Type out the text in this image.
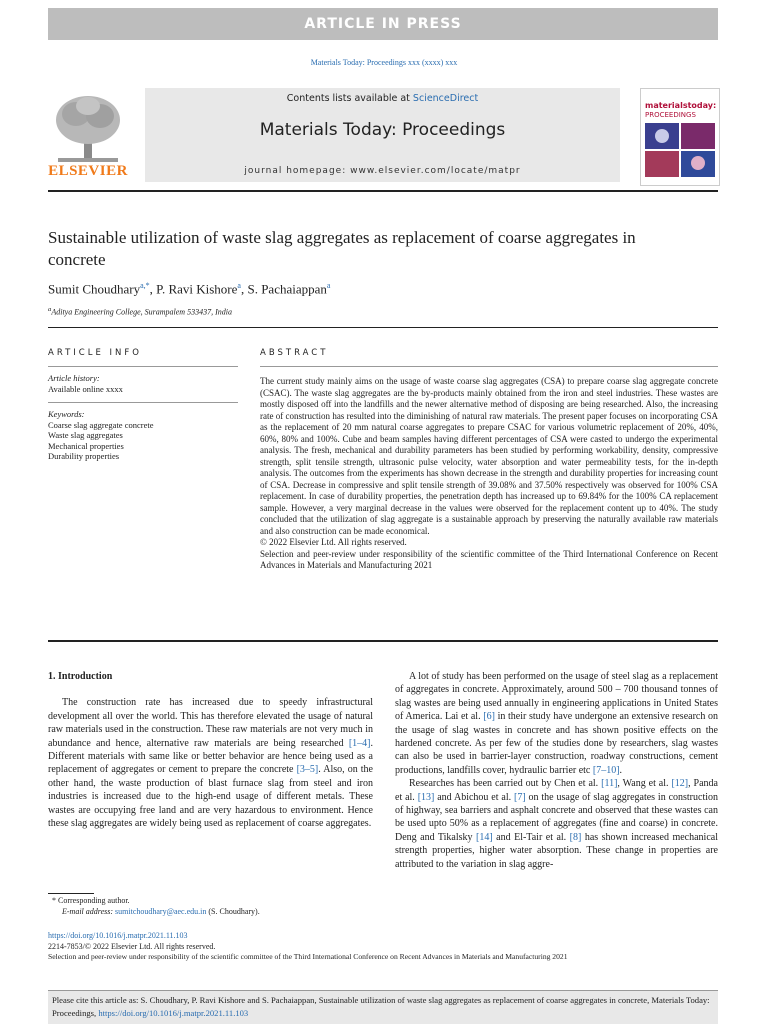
ARTICLE IN PRESS
Materials Today: Proceedings xxx (xxxx) xxx
ELSEVIER
Contents lists available at ScienceDirect
Materials Today: Proceedings
journal homepage: www.elsevier.com/locate/matpr
materialstoday:
PROCEEDINGS
Sustainable utilization of waste slag aggregates as replacement of coarse aggregates in concrete
Sumit Choudhary$^{a,*}$, P. Ravi Kishore$^a$, S. Pachaiappan$^a$
$^a$Aditya Engineering College, Surampalem 533437, India
ARTICLE INFO
Article history:
Available online xxxx
Keywords:
Coarse slag aggregate concrete
Waste slag aggregates
Mechanical properties
Durability properties
ABSTRACT
The current study mainly aims on the usage of waste coarse slag aggregates (CSA) to prepare coarse slag aggregate concrete (CSAC). The waste slag aggregates are the by-products mainly obtained from the iron and steel industries. These wastes are mostly disposed off into the landfills and the newer alternative method of disposing are being researched. Also, the increasing rate of construction has resulted into the diminishing of natural raw materials. The present paper focuses on incorporating CSA as the replacement of 20 mm natural coarse aggregates to prepare CSAC for various volumetric replacement of 20%, 40%, 60%, 80% and 100%. Cube and beam samples having different percentages of CSA were casted to undergo the experimental analysis. The fresh, mechanical and durability parameters has been studied by performing workability, density, compressive strength, split tensile strength, ultrasonic pulse velocity, water absorption and water permeability tests, for the in-depth analysis. The outcomes from the experiments has shown decrease in the strength and durability properties for increasing count of CSA. Decrease in compressive and split tensile strength of 39.08% and 37.50% respectively was observed for 100% CSA replacement. In case of durability properties, the penetration depth has increased up to 69.84% for the 100% CA replacement sample. However, a very marginal decrease in the values were observed for the replacement content up to 40%. The study concluded that the utilization of slag aggregate is a sustainable approach by preserving the naturally available raw materials and also construction can be made economical.
© 2022 Elsevier Ltd. All rights reserved.
Selection and peer-review under responsibility of the scientific committee of the Third International Conference on Recent Advances in Materials and Manufacturing 2021
1. Introduction
The construction rate has increased due to speedy infrastructural development all over the world. This has therefore elevated the usage of natural raw materials used in the construction. These raw materials are not very much in abundance and hence, alternative raw materials are being researched [1–4]. Different materials with same like or better behavior are hence being used as a replacement of aggregates or cement to prepare the concrete [3–5]. Also, on the other hand, the waste production of blast furnace slag from steel and iron industries is increased due to the high-end usage of different metals. These wastes are occupying free land and are very hazardous to environment. Hence these slag aggregates are widely being used as replacement of coarse aggregates.
A lot of study has been performed on the usage of steel slag as a replacement of aggregates in concrete. Approximately, around 500 – 700 thousand tonnes of slag wastes are being used annually in engineering applications in United States of America. Lai et al. [6] in their study have undergone an extensive research on the usage of slag wastes in concrete and has shown positive effects on the hardened concrete. As per few of the studies done by researchers, slag wastes can also be used in barrier-layer construction, roadway constructions, cement productions, landfills cover, hydraulic barrier etc [7–10].
Researches has been carried out by Chen et al. [11], Wang et al. [12], Panda et al. [13] and Abichou et al. [7] on the usage of slag aggregates in construction of highway, sea barriers and asphalt concrete and observed that these wastes can be used upto 50% as a replacement of aggregates (fine and coarse) in concrete. Deng and Tikalsky [14] and El-Tair et al. [8] has shown increased mechanical strength properties, higher water absorption. These change in properties are attributed to the variation in slag aggre-
* Corresponding author.
E-mail address: sumitchoudhary@aec.edu.in (S. Choudhary).
https://doi.org/10.1016/j.matpr.2021.11.103
2214-7853/© 2022 Elsevier Ltd. All rights reserved.
Selection and peer-review under responsibility of the scientific committee of the Third International Conference on Recent Advances in Materials and Manufacturing 2021
Please cite this article as: S. Choudhary, P. Ravi Kishore and S. Pachaiappan, Sustainable utilization of waste slag aggregates as replacement of coarse aggregates in concrete, Materials Today: Proceedings, https://doi.org/10.1016/j.matpr.2021.11.103
